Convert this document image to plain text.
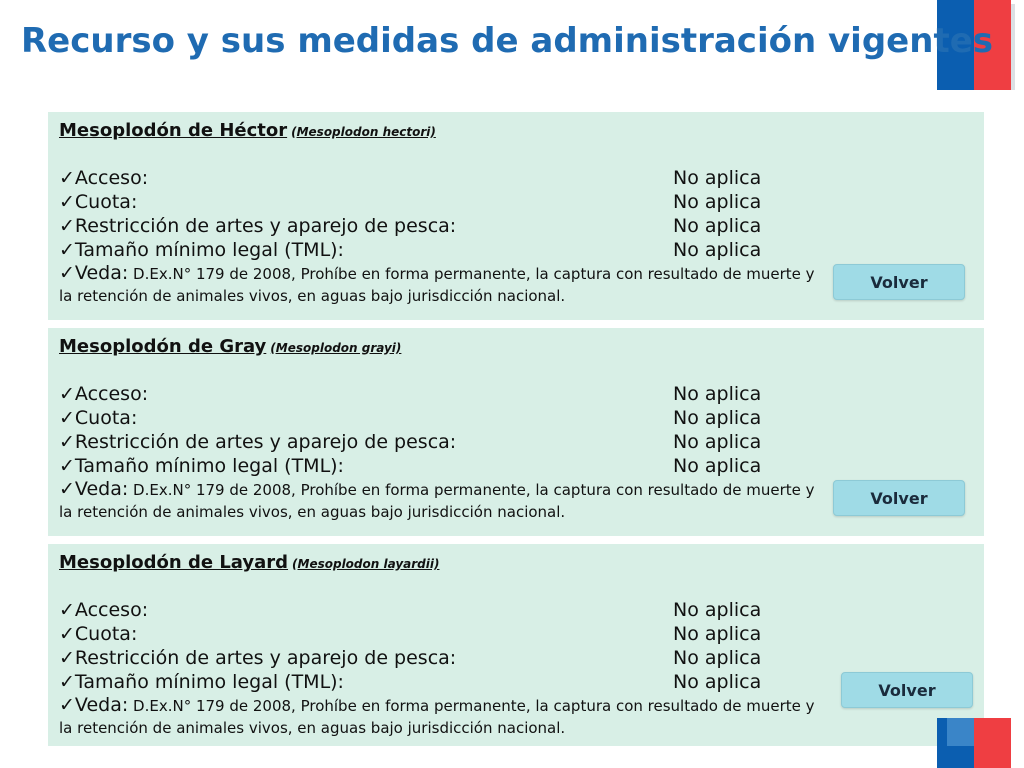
Recurso y sus medidas de administración vigentes
Mesoplodón de Héctor (Mesoplodon hectori)
✓Acceso:	No aplica
✓Cuota:	No aplica
✓Restricción de artes y aparejo de pesca:	No aplica
✓Tamaño mínimo legal (TML):	No aplica
✓Veda: D.Ex.N° 179 de 2008, Prohíbe en forma permanente, la captura con resultado de muerte y la retención de animales vivos, en aguas bajo jurisdicción nacional.
Volver
Mesoplodón de Gray (Mesoplodon grayi)
✓Acceso:	No aplica
✓Cuota:	No aplica
✓Restricción de artes y aparejo de pesca:	No aplica
✓Tamaño mínimo legal (TML):	No aplica
✓Veda: D.Ex.N° 179 de 2008, Prohíbe en forma permanente, la captura con resultado de muerte y la retención de animales vivos, en aguas bajo jurisdicción nacional.
Volver
Mesoplodón de Layard (Mesoplodon layardii)
✓Acceso:	No aplica
✓Cuota:	No aplica
✓Restricción de artes y aparejo de pesca:	No aplica
✓Tamaño mínimo legal (TML):	No aplica
✓Veda: D.Ex.N° 179 de 2008, Prohíbe en forma permanente, la captura con resultado de muerte y la retención de animales vivos, en aguas bajo jurisdicción nacional.
Volver
